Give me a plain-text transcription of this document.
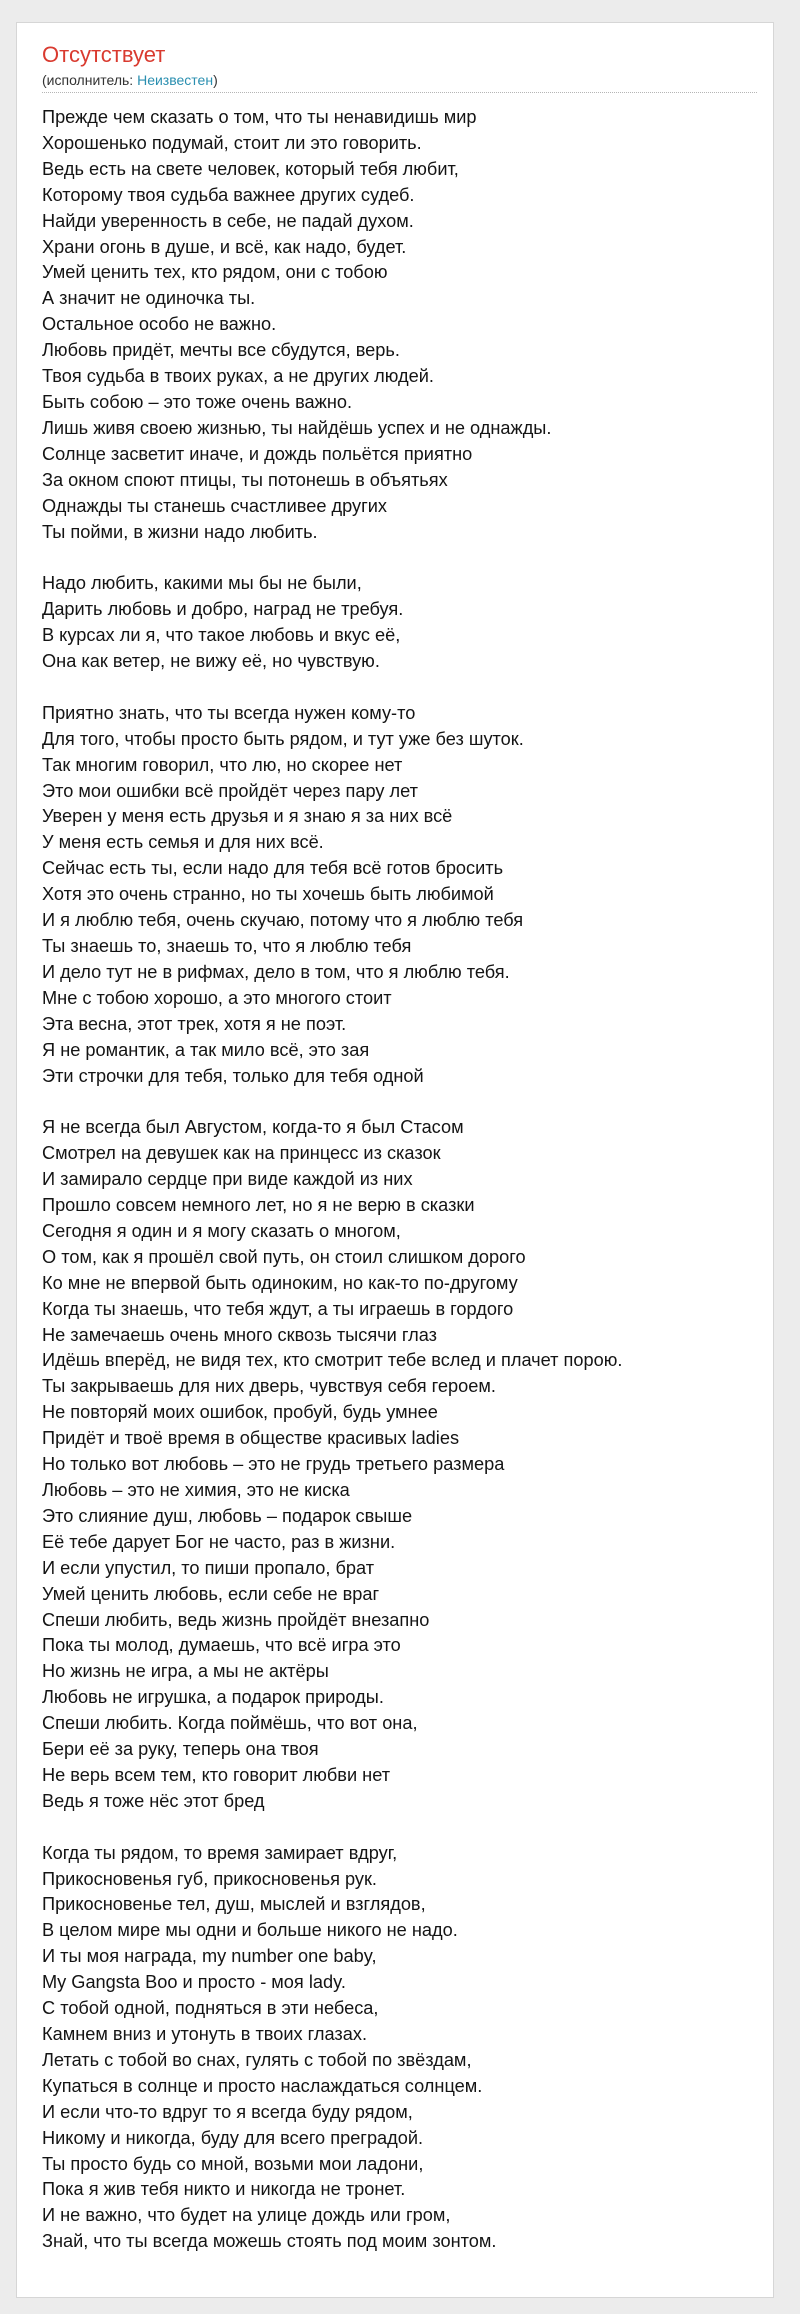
Отсутствует
(исполнитель: Неизвестен)
Прежде чем сказать о том, что ты ненавидишь мир
Хорошенько подумай, стоит ли это говорить.
Ведь есть на свете человек, который тебя любит,
Которому твоя судьба важнее других судеб.
Найди уверенность в себе, не падай духом.
Храни огонь в душе, и всё, как надо, будет.
Умей ценить тех, кто рядом, они с тобою
А значит не одиночка ты.
Остальное особо не важно.
Любовь придёт, мечты все сбудутся, верь.
Твоя судьба в твоих руках, а не других людей.
Быть собою – это тоже очень важно.
Лишь живя своею жизнью, ты найдёшь успех и не однажды.
Солнце засветит иначе, и дождь польётся приятно
За окном споют птицы, ты потонешь в объятьях
Однажды ты станешь счастливее других
Ты пойми, в жизни надо любить.
Надо любить, какими мы бы не были,
Дарить любовь и добро, наград не требуя.
В курсах ли я, что такое любовь и вкус её,
Она как ветер, не вижу её, но чувствую.
Приятно знать, что ты всегда нужен кому-то
Для того, чтобы просто быть рядом, и тут уже без шуток.
Так многим говорил, что лю, но скорее нет
Это мои ошибки всё пройдёт через пару лет
Уверен у меня есть друзья и я знаю я за них всё
У меня есть семья и для них всё.
Сейчас есть ты, если надо для тебя всё готов бросить
Хотя это очень странно, но ты хочешь быть любимой
И я люблю тебя, очень скучаю, потому что я люблю тебя
Ты знаешь то, знаешь то, что я люблю тебя
И дело тут не в рифмах, дело в том, что я люблю тебя.
Мне с тобою хорошо, а это многого стоит
Эта весна, этот трек, хотя я не поэт.
Я не романтик, а так мило всё, это зая
Эти строчки для тебя, только для тебя одной
Я не всегда был Августом, когда-то я был Стасом
Смотрел на девушек как на принцесс из сказок
И замирало сердце при виде каждой из них
Прошло совсем немного лет, но я не верю в сказки
Сегодня я один и я могу сказать о многом,
О том, как я прошёл свой путь, он стоил слишком дорого
Ко мне не впервой быть одиноким, но как-то по-другому
Когда ты знаешь, что тебя ждут, а ты играешь в гордого
Не замечаешь очень много сквозь тысячи глаз
Идёшь вперёд, не видя тех, кто смотрит тебе вслед и плачет порою.
Ты закрываешь для них дверь, чувствуя себя героем.
Не повторяй моих ошибок, пробуй, будь умнее
Придёт и твоё время в обществе красивых ladies
Но только вот любовь – это не грудь третьего размера
Любовь – это не химия, это не киска
Это слияние душ, любовь – подарок свыше
Её тебе дарует Бог не часто, раз в жизни.
И если упустил, то пиши пропало, брат
Умей ценить любовь, если себе не враг
Спеши любить, ведь жизнь пройдёт внезапно
Пока ты молод, думаешь, что всё игра это
Но жизнь не игра, а мы не актёры
Любовь не игрушка, а подарок природы.
Спеши любить. Когда поймёшь, что вот она,
Бери её за руку, теперь она твоя
Не верь всем тем, кто говорит любви нет
Ведь я тоже нёс этот бред
Когда ты рядом, то время замирает вдруг,
Прикосновенья губ, прикосновенья рук.
Прикосновенье тел, душ, мыслей и взглядов,
В целом мире мы одни и больше никого не надо.
И ты моя награда, my number one baby,
My Gangsta Boo и просто - моя lady.
С тобой одной, подняться в эти небеса,
Камнем вниз и утонуть в твоих глазах.
Летать с тобой во снах, гулять с тобой по звёздам,
Купаться в солнце и просто наслаждаться солнцем.
И если что-то вдруг то я всегда буду рядом,
Никому и никогда, буду для всего преградой.
Ты просто будь со мной, возьми мои ладони,
Пока я жив тебя никто и никогда не тронет.
И не важно, что будет на улице дождь или гром,
Знай, что ты всегда можешь стоять под моим зонтом.
